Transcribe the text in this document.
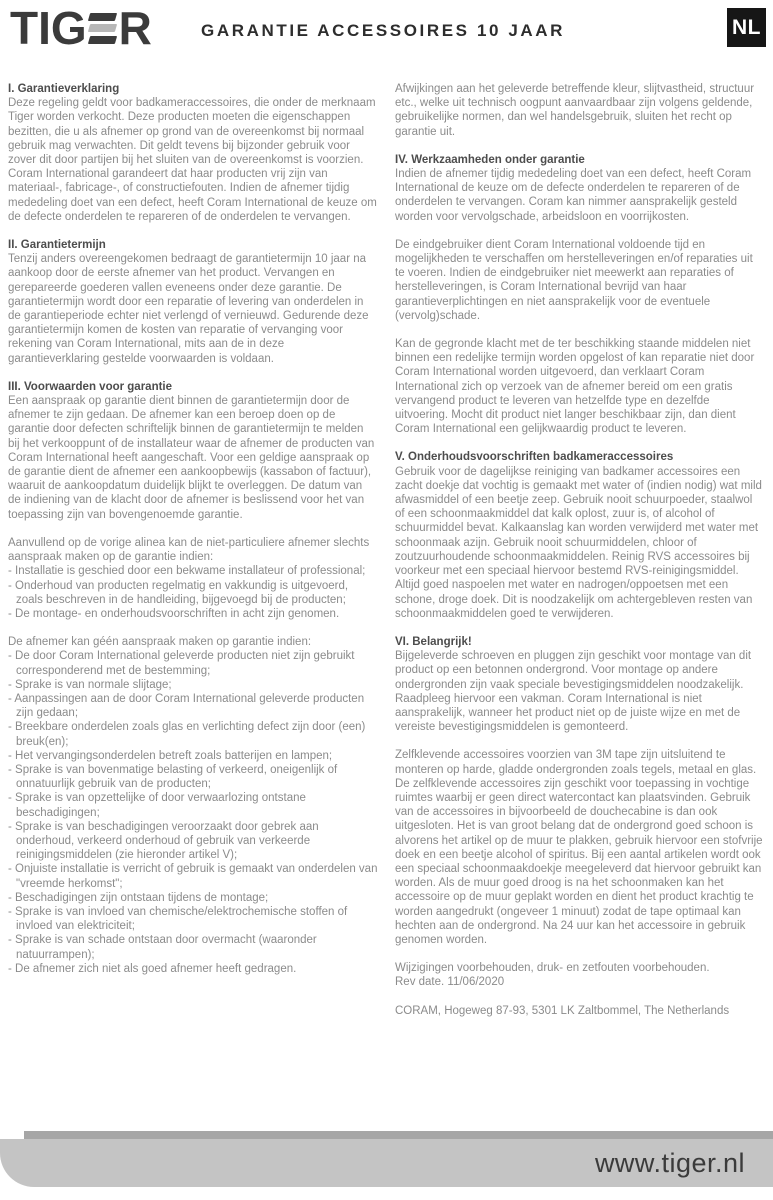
TIG R	GARANTIE ACCESSOIRES 10 JAAR	NL
I. Garantieverklaring

Deze regeling geldt voor badkameraccessoires, die onder de merknaam Tiger worden verkocht. Deze producten moeten die eigenschappen bezitten, die u als afnemer op grond van de overeenkomst bij normaal gebruik mag verwachten. Dit geldt tevens bij bijzonder gebruik voor zover dit door partijen bij het sluiten van de overeenkomst is voorzien. Coram International garandeert dat haar producten vrij zijn van materiaal-, fabricage-, of constructiefouten. Indien de afnemer tijdig mededeling doet van een defect, heeft Coram International de keuze om de defecte onderdelen te repareren of de onderdelen te vervangen.

II. Garantietermijn

Tenzij anders overeengekomen bedraagt de garantietermijn 10 jaar na aankoop door de eerste afnemer van het product. Vervangen en gerepareerde goederen vallen eveneens onder deze garantie. De garantietermijn wordt door een reparatie of levering van onderdelen in de garantieperiode echter niet verlengd of vernieuwd. Gedurende deze garantietermijn komen de kosten van reparatie of vervanging voor rekening van Coram International, mits aan de in deze garantieverklaring gestelde voorwaarden is voldaan.

III. Voorwaarden voor garantie

Een aanspraak op garantie dient binnen de garantietermijn door de afnemer te zijn gedaan. De afnemer kan een beroep doen op de garantie door defecten schriftelijk binnen de garantietermijn te melden bij het verkooppunt of de installateur waar de afnemer de producten van Coram International heeft aangeschaft. Voor een geldige aanspraak op de garantie dient de afnemer een aankoopbewijs (kassabon of factuur), waaruit de aankoopdatum duidelijk blijkt te overleggen. De datum van de indiening van de klacht door de afnemer is beslissend voor het van toepassing zijn van bovengenoemde garantie.

Aanvullend op de vorige alinea kan de niet-particuliere afnemer slechts aanspraak maken op de garantie indien:

- Installatie is geschied door een bekwame installateur of professional;
- Onderhoud van producten regelmatig en vakkundig is uitgevoerd, zoals beschreven in de handleiding, bijgevoegd bij de producten;
- De montage- en onderhoudsvoorschriften in acht zijn genomen.

De afnemer kan géén aanspraak maken op garantie indien:

- De door Coram International geleverde producten niet zijn gebruikt corresponderend met de bestemming;
- Sprake is van normale slijtage;
- Aanpassingen aan de door Coram International geleverde producten zijn gedaan;
- Breekbare onderdelen zoals glas en verlichting defect zijn door (een) breuk(en);
- Het vervangingsonderdelen betreft zoals batterijen en lampen;
- Sprake is van bovenmatige belasting of verkeerd, oneigenlijk of onnatuurlijk gebruik van de producten;
- Sprake is van opzettelijke of door verwaarlozing ontstane beschadigingen;
- Sprake is van beschadigingen veroorzaakt door gebrek aan onderhoud, verkeerd onderhoud of gebruik van verkeerde reinigingsmiddelen (zie hieronder artikel V);
- Onjuiste installatie is verricht of gebruik is gemaakt van onderdelen van "vreemde herkomst";
- Beschadigingen zijn ontstaan tijdens de montage;
- Sprake is van invloed van chemische/elektrochemische stoffen of invloed van elektriciteit;
- Sprake is van schade ontstaan door overmacht (waaronder natuurrampen);
- De afnemer zich niet als goed afnemer heeft gedragen.

Afwijkingen aan het geleverde betreffende kleur, slijtvastheid, structuur etc., welke uit technisch oogpunt aanvaardbaar zijn volgens geldende, gebruikelijke normen, dan wel handelsgebruik, sluiten het recht op garantie uit.

IV. Werkzaamheden onder garantie

Indien de afnemer tijdig mededeling doet van een defect, heeft Coram International de keuze om de defecte onderdelen te repareren of de onderdelen te vervangen. Coram kan nimmer aansprakelijk gesteld worden voor vervolgschade, arbeidsloon en voorrijkosten.

De eindgebruiker dient Coram International voldoende tijd en mogelijkheden te verschaffen om herstelleveringen en/of reparaties uit te voeren. Indien de eindgebruiker niet meewerkt aan reparaties of herstelleveringen, is Coram International bevrijd van haar garantieverplichtingen en niet aansprakelijk voor de eventuele (vervolg)schade.

Kan de gegronde klacht met de ter beschikking staande middelen niet binnen een redelijke termijn worden opgelost of kan reparatie niet door Coram International worden uitgevoerd, dan verklaart Coram International zich op verzoek van de afnemer bereid om een gratis vervangend product te leveren van hetzelfde type en dezelfde uitvoering. Mocht dit product niet langer beschikbaar zijn, dan dient Coram International een gelijkwaardig product te leveren.

V. Onderhoudsvoorschriften badkameraccessoires

Gebruik voor de dagelijkse reiniging van badkamer accessoires een zacht doekje dat vochtig is gemaakt met water of (indien nodig) wat mild afwasmiddel of een beetje zeep. Gebruik nooit schuurpoeder, staalwol of een schoonmaakmiddel dat kalk oplost, zuur is, of alcohol of schuurmiddel bevat. Kalkaanslag kan worden verwijderd met water met schoonmaak azijn. Gebruik nooit schuurmiddelen, chloor of zoutzuurhoudende schoonmaakmiddelen. Reinig RVS accessoires bij voorkeur met een speciaal hiervoor bestemd RVS-reinigingsmiddel. Altijd goed naspoelen met water en nadrogen/oppoetsen met een schone, droge doek. Dit is noodzakelijk om achtergebleven resten van schoonmaakmiddelen goed te verwijderen.

VI. Belangrijk!

Bijgeleverde schroeven en pluggen zijn geschikt voor montage van dit product op een betonnen ondergrond. Voor montage op andere ondergronden zijn vaak speciale bevestigingsmiddelen noodzakelijk. Raadpleeg hiervoor een vakman. Coram International is niet aansprakelijk, wanneer het product niet op de juiste wijze en met de vereiste bevestigingsmiddelen is gemonteerd.

Zelfklevende accessoires voorzien van 3M tape zijn uitsluitend te monteren op harde, gladde ondergronden zoals tegels, metaal en glas. De zelfklevende accessoires zijn geschikt voor toepassing in vochtige ruimtes waarbij er geen direct watercontact kan plaatsvinden. Gebruik van de accessoires in bijvoorbeeld de douchecabine is dan ook uitgesloten. Het is van groot belang dat de ondergrond goed schoon is alvorens het artikel op de muur te plakken, gebruik hiervoor een stofvrije doek en een beetje alcohol of spiritus. Bij een aantal artikelen wordt ook een speciaal schoonmaakdoekje meegeleverd dat hiervoor gebruikt kan worden. Als de muur goed droog is na het schoonmaken kan het accessoire op de muur geplakt worden en dient het product krachtig te worden aangedrukt (ongeveer 1 minuut) zodat de tape optimaal kan hechten aan de ondergrond. Na 24 uur kan het accessoire in gebruik genomen worden.

Wijzigingen voorbehouden, druk- en zetfouten voorbehouden.
Rev date. 11/06/2020
CORAM, Hogeweg 87-93, 5301 LK Zaltbommel, The Netherlands
www.tiger.nl
